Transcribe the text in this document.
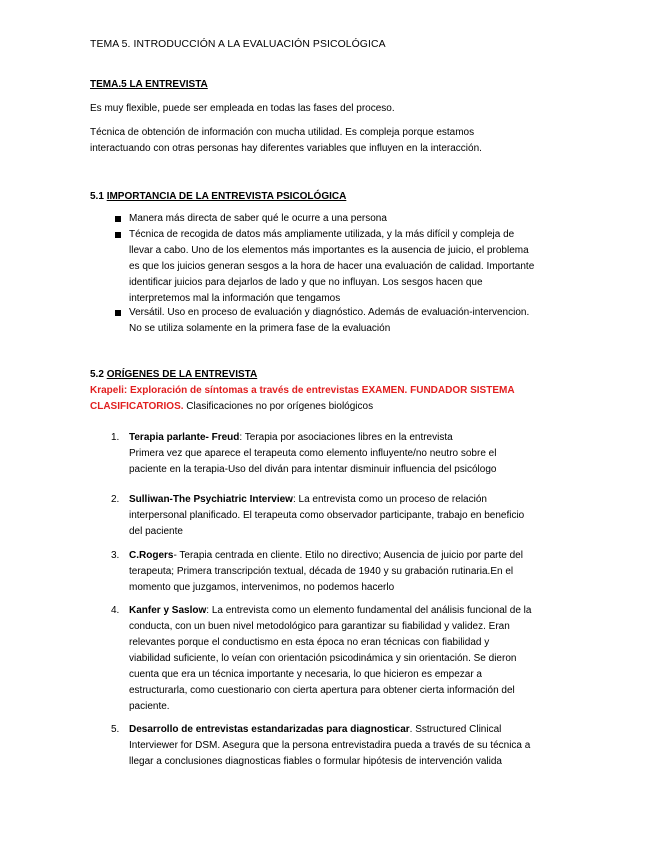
TEMA 5. INTRODUCCIÓN A LA EVALUACIÓN PSICOLÓGICA
TEMA.5 LA ENTREVISTA
Es muy flexible, puede ser empleada en todas las fases del proceso.
Técnica de obtención de información con mucha utilidad. Es compleja porque estamos
interactuando con otras personas hay diferentes variables que influyen en la interacción.
5.1 IMPORTANCIA DE LA ENTREVISTA PSICOLÓGICA
Manera más directa de saber qué le ocurre a una persona
Técnica de recogida de datos más ampliamente utilizada, y la más difícil y compleja de
llevar a cabo. Uno de los elementos más importantes es la ausencia de juicio, el problema
es que los juicios generan sesgos a la hora de hacer una evaluación de calidad. Importante
identificar juicios para dejarlos de lado y que no influyan. Los sesgos hacen que
interpretemos mal la información que tengamos
Versátil. Uso en proceso de evaluación y diagnóstico. Además de evaluación-intervencion.
No se utiliza solamente en la primera fase de la evaluación
5.2 ORÍGENES DE LA ENTREVISTA
Krapeli: Exploración de síntomas a través de entrevistas EXAMEN. FUNDADOR SISTEMA
CLASIFICATORIOS. Clasificaciones no por orígenes biológicos
1. Terapia parlante- Freud: Terapia por asociaciones libres en la entrevista
Primera vez que aparece el terapeuta como elemento influyente/no neutro sobre el
paciente en la terapia-Uso del diván para intentar disminuir influencia del psicólogo
2. Sulliwan-The Psychiatric Interview: La entrevista como un proceso de relación
interpersonal planificado. El terapeuta como observador participante, trabajo en beneficio
del paciente
3. C.Rogers- Terapia centrada en cliente. Etilo no directivo; Ausencia de juicio por parte del
terapeuta; Primera transcripción textual, década de 1940 y su grabación rutinaria.En el
momento que juzgamos, intervenimos, no podemos hacerlo
4. Kanfer y Saslow: La entrevista como un elemento fundamental del análisis funcional de la
conducta, con un buen nivel metodológico para garantizar su fiabilidad y validez. Eran
relevantes porque el conductismo en esta época no eran técnicas con fiabilidad y
viabilidad suficiente, lo veían con orientación psicodinámica y sin orientación. Se dieron
cuenta que era un técnica importante y necesaria, lo que hicieron es empezar a
estructurarla, como cuestionario con cierta apertura para obtener cierta información del
paciente.
5. Desarrollo de entrevistas estandarizadas para diagnosticar. Sstructured Clinical
Interviewer for DSM. Asegura que la persona entrevistadira pueda a través de su técnica a
llegar a conclusiones diagnosticas fiables o formular hipótesis de intervención valida
